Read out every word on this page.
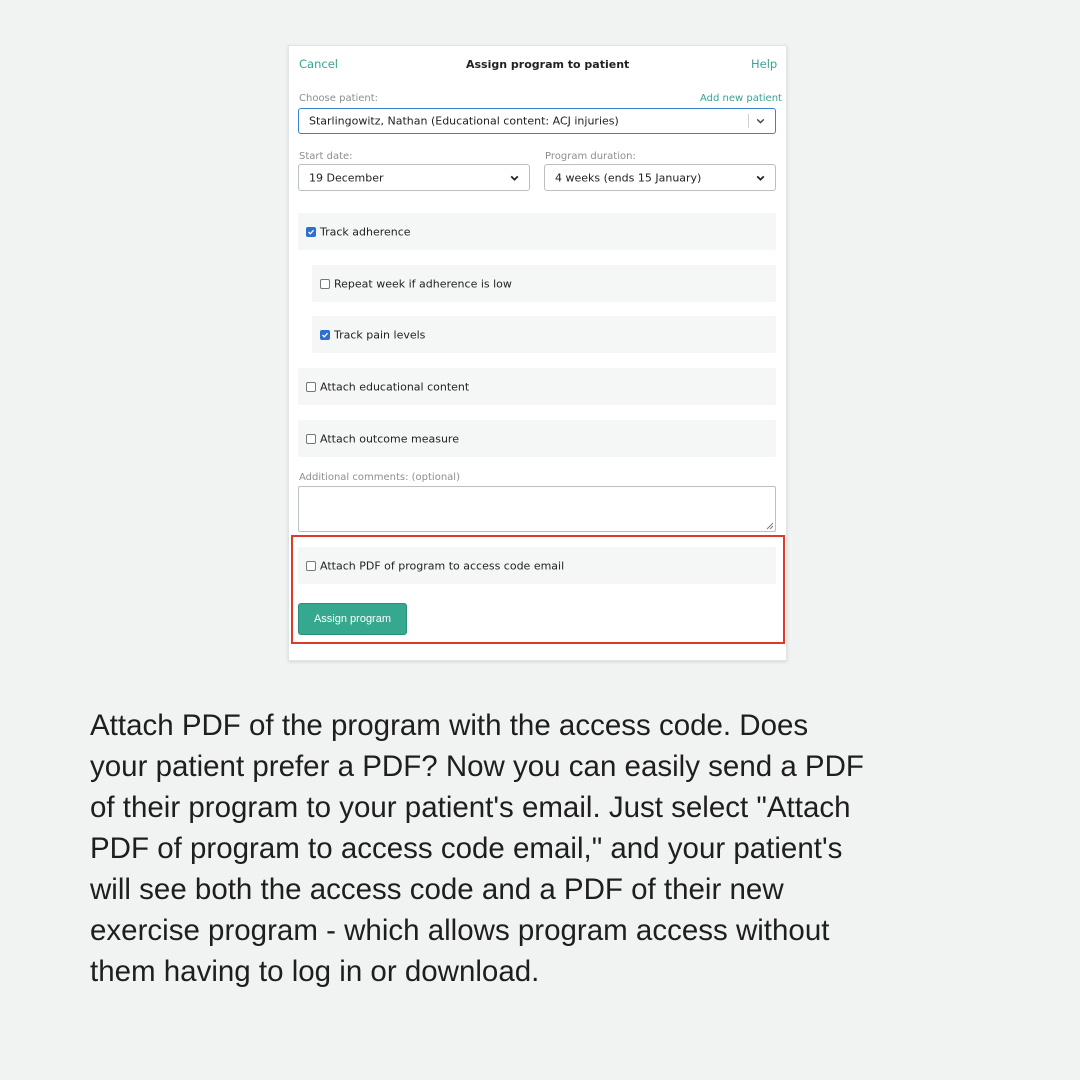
Cancel	Assign program to patient	Help
Choose patient:	Add new patient
Starlingowitz, Nathan (Educational content: ACJ injuries)
Start date:
19 December
Program duration:
4 weeks (ends 15 January)
Track adherence
Repeat week if adherence is low
Track pain levels
Attach educational content
Attach outcome measure
Additional comments: (optional)
Attach PDF of program to access code email
Assign program
Attach PDF of the program with the access code. Does
your patient prefer a PDF? Now you can easily send a PDF
of their program to your patient's email. Just select "Attach
PDF of program to access code email," and your patient's
will see both the access code and a PDF of their new
exercise program - which allows program access without
them having to log in or download.
